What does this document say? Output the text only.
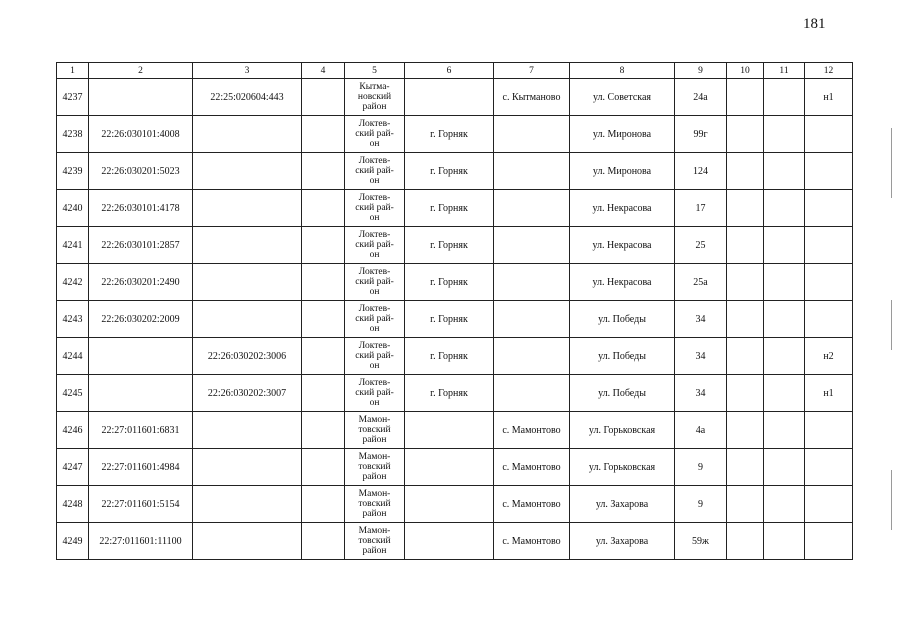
181
1	2	3	4	5	6	7	8	9	10	11	12
4237		22:25:020604:443		Кытма-
новский
район		с. Кытманово	ул. Советская	24а			н1
4238	22:26:030101:4008			Локтев-
ский рай-
он	г. Горняк		ул. Миронова	99г			
4239	22:26:030201:5023			Локтев-
ский рай-
он	г. Горняк		ул. Миронова	124			
4240	22:26:030101:4178			Локтев-
ский рай-
он	г. Горняк		ул. Некрасова	17			
4241	22:26:030101:2857			Локтев-
ский рай-
он	г. Горняк		ул. Некрасова	25			
4242	22:26:030201:2490			Локтев-
ский рай-
он	г. Горняк		ул. Некрасова	25а			
4243	22:26:030202:2009			Локтев-
ский рай-
он	г. Горняк		ул. Победы	34			
4244		22:26:030202:3006		Локтев-
ский рай-
он	г. Горняк		ул. Победы	34			н2
4245		22:26:030202:3007		Локтев-
ский рай-
он	г. Горняк		ул. Победы	34			н1
4246	22:27:011601:6831			Мамон-
товский
район		с. Мамонтово	ул. Горьковская	4а			
4247	22:27:011601:4984			Мамон-
товский
район		с. Мамонтово	ул. Горьковская	9			
4248	22:27:011601:5154			Мамон-
товский
район		с. Мамонтово	ул. Захарова	9			
4249	22:27:011601:11100			Мамон-
товский
район		с. Мамонтово	ул. Захарова	59ж			
